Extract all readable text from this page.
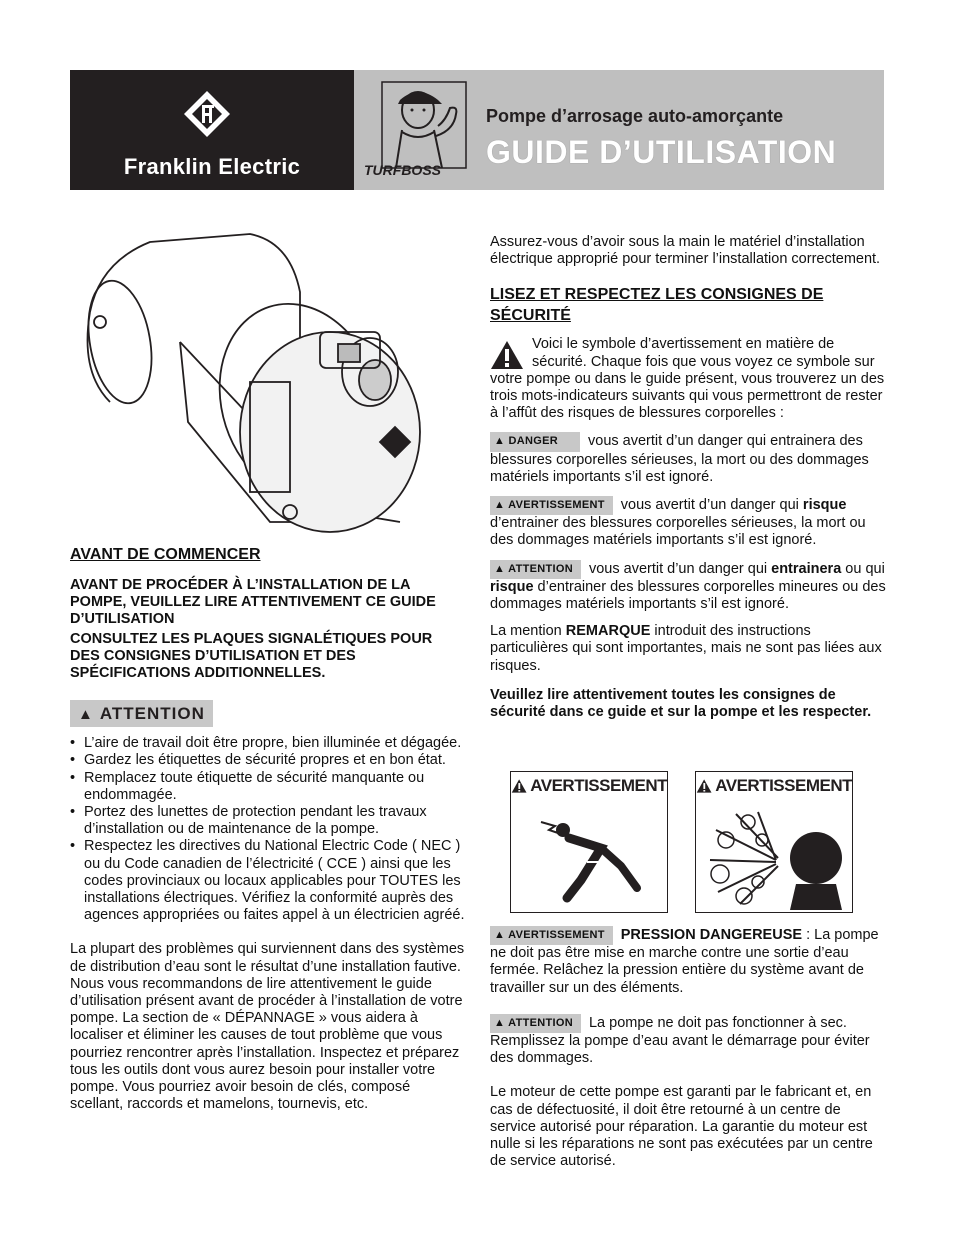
Franklin Electric	TURFBOSS
Pompe d’arrosage auto-amorçante
GUIDE D’UTILISATION

AVANT DE COMMENCER

AVANT DE PROCÉDER À L’INSTALLATION DE LA POMPE, VEUILLEZ LIRE ATTENTIVEMENT CE GUIDE D’UTILISATION

CONSULTEZ LES PLAQUES SIGNALÉTIQUES POUR DES CONSIGNES D’UTILISATION ET DES SPÉCIFICATIONS ADDITIONNELLES.

▲ ATTENTION
• L’aire de travail doit être propre, bien illuminée et dégagée.
• Gardez les étiquettes de sécurité propres et en bon état.
• Remplacez toute étiquette de sécurité manquante ou endommagée.
• Portez des lunettes de protection pendant les travaux d’installation ou de maintenance de la pompe.
• Respectez les directives du National Electric Code ( NEC ) ou du Code canadien de l’électricité ( CCE ) ainsi que les codes provinciaux ou locaux applicables pour TOUTES les installations électriques. Vérifiez la conformité auprès des agences appropriées ou faites appel à un électricien agréé.

La plupart des problèmes qui surviennent dans des systèmes de distribution d’eau sont le résultat d’une installation fautive. Nous vous recommandons de lire attentivement le guide d’utilisation présent avant de procéder à l’installation de votre pompe. La section de « DÉPANNAGE » vous aidera à localiser et éliminer les causes de tout problème que vous pourriez rencontrer après l’installation. Inspectez et préparez tous les outils dont vous aurez besoin pour installer votre pompe. Vous pourriez avoir besoin de clés, composé scellant, raccords et mamelons, tournevis, etc.

Assurez-vous d’avoir sous la main le matériel d’installation électrique approprié pour terminer l’installation correctement.

LISEZ ET RESPECTEZ LES CONSIGNES DE SÉCURITÉ

Voici le symbole d’avertissement en matière de sécurité. Chaque fois que vous voyez ce symbole sur votre pompe ou dans le guide présent, vous trouverez un des trois mots-indicateurs suivants qui vous permettront de rester à l’affût des risques de blessures corporelles :

▲ DANGER vous avertit d’un danger qui entrainera des blessures corporelles sérieuses, la mort ou des dommages matériels importants s’il est ignoré.

▲ AVERTISSEMENT vous avertit d’un danger qui risque d’entrainer des blessures corporelles sérieuses, la mort ou des dommages matériels importants s’il est ignoré.

▲ ATTENTION vous avertit d’un danger qui entrainera ou qui risque d’entrainer des blessures corporelles mineures ou des dommages matériels importants s’il est ignoré.

La mention REMARQUE introduit des instructions particulières qui sont importantes, mais ne sont pas liées aux risques.

Veuillez lire attentivement toutes les consignes de sécurité dans ce guide et sur la pompe et les respecter.

AVERTISSEMENT	AVERTISSEMENT

▲ AVERTISSEMENT PRESSION DANGEREUSE : La pompe ne doit pas être mise en marche contre une sortie d’eau fermée. Relâchez la pression entière du système avant de travailler sur un des éléments.

▲ ATTENTION La pompe ne doit pas fonctionner à sec. Remplissez la pompe d’eau avant le démarrage pour éviter des dommages.

Le moteur de cette pompe est garanti par le fabricant et, en cas de défectuosité, il doit être retourné à un centre de service autorisé pour réparation. La garantie du moteur est nulle si les réparations ne sont pas exécutées par un centre de service autorisé.
